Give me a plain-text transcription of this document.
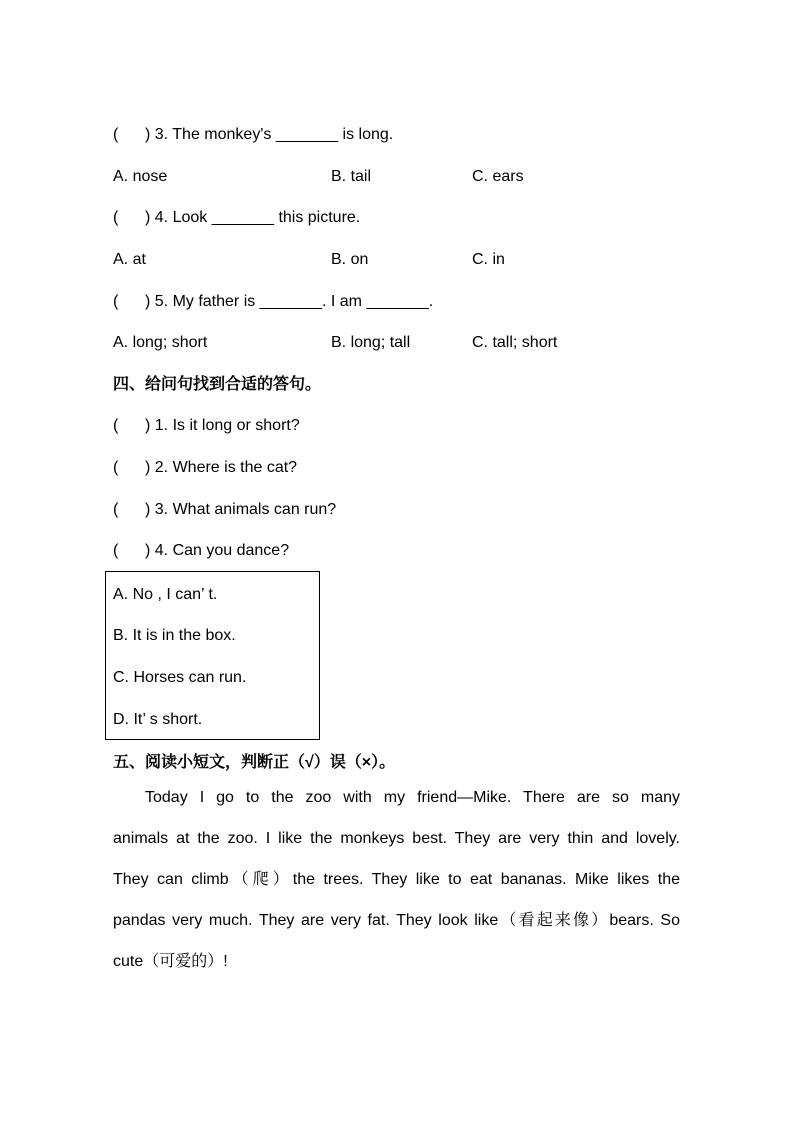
(      ) 3. The monkey's _______ is long.
A. nose	B. tail	C. ears
(      ) 4. Look _______ this picture.
A. at	B. on	C. in
(      ) 5. My father is _______. I am _______.
A. long; short	B. long; tall	C. tall; short
四、给问句找到合适的答句。
(      ) 1. Is it long or short?
(      ) 2. Where is the cat?
(      ) 3. What animals can run?
(      ) 4. Can you dance?
A. No , I can’ t.
B. It is in the box.
C. Horses can run.
D. It’ s short.
五、阅读小短文，判断正（√）误（×）。
Today I go to the zoo with my friend—Mike. There are so many
animals at the zoo. I like the monkeys best. They are very thin and lovely.
They can climb（爬）the trees. They like to eat bananas. Mike likes the
pandas very much. They are very fat. They look like（看起来像）bears. So
cute（可爱的）!
